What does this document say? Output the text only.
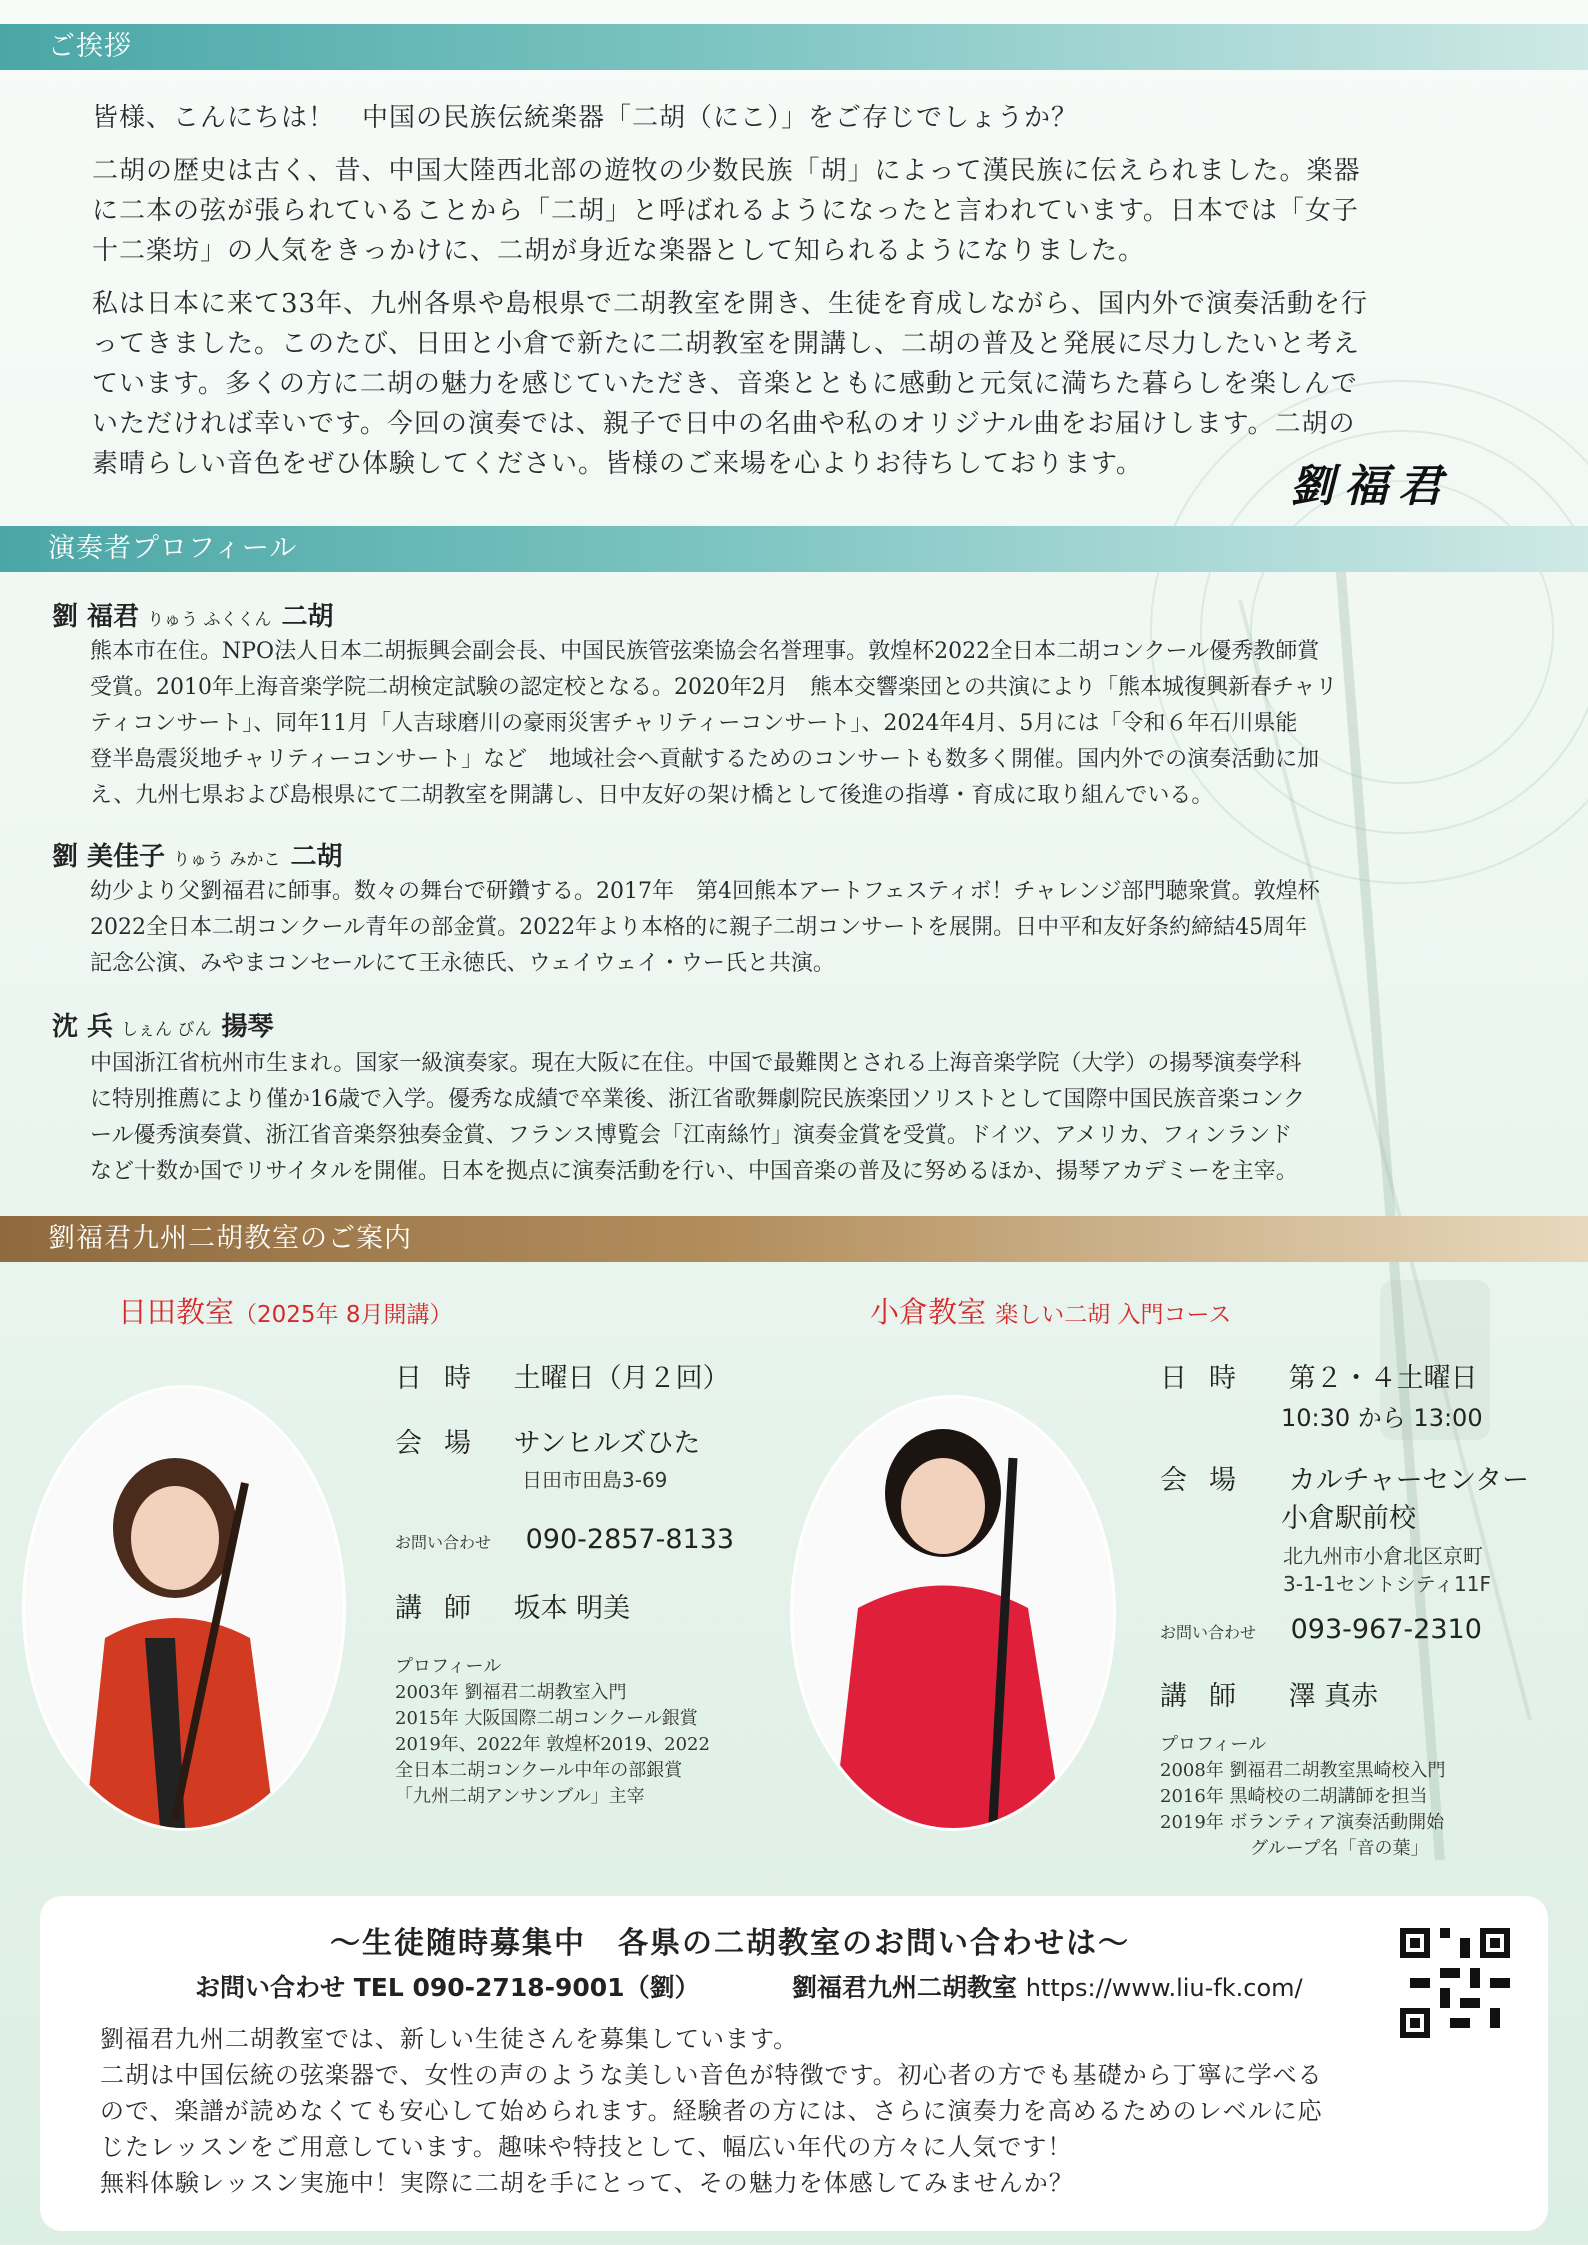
ご挨拶
皆様、こんにちは！　中国の民族伝統楽器「二胡（にこ）」をご存じでしょうか？
二胡の歴史は古く、昔、中国大陸西北部の遊牧の少数民族「胡」によって漢民族に伝えられました。楽器
に二本の弦が張られていることから「二胡」と呼ばれるようになったと言われています。日本では「女子
十二楽坊」の人気をきっかけに、二胡が身近な楽器として知られるようになりました。
私は日本に来て33年、九州各県や島根県で二胡教室を開き、生徒を育成しながら、国内外で演奏活動を行
ってきました。このたび、日田と小倉で新たに二胡教室を開講し、二胡の普及と発展に尽力したいと考え
ています。多くの方に二胡の魅力を感じていただき、音楽とともに感動と元気に満ちた暮らしを楽しんで
いただければ幸いです。今回の演奏では、親子で日中の名曲や私のオリジナル曲をお届けします。二胡の
素晴らしい音色をぜひ体験してください。皆様のご来場を心よりお待ちしております。	劉福君
演奏者プロフィール
劉 福君 りゅう ふくくん 二胡
熊本市在住。NPO法人日本二胡振興会副会長、中国民族管弦楽協会名誉理事。敦煌杯2022全日本二胡コンクール優秀教師賞
受賞。2010年上海音楽学院二胡検定試験の認定校となる。2020年2月　熊本交響楽団との共演により「熊本城復興新春チャリ
ティコンサート」、同年11月「人吉球磨川の豪雨災害チャリティーコンサート」、2024年4月、5月には「令和６年石川県能
登半島震災地チャリティーコンサート」など　地域社会へ貢献するためのコンサートも数多く開催。国内外での演奏活動に加
え、九州七県および島根県にて二胡教室を開講し、日中友好の架け橋として後進の指導・育成に取り組んでいる。
劉 美佳子 りゅう みかこ 二胡
幼少より父劉福君に師事。数々の舞台で研鑽する。2017年　第4回熊本アートフェスティボ！チャレンジ部門聴衆賞。敦煌杯
2022全日本二胡コンクール青年の部金賞。2022年より本格的に親子二胡コンサートを展開。日中平和友好条約締結45周年
記念公演、みやまコンセールにて王永徳氏、ウェイウェイ・ウー氏と共演。
沈 兵 しぇん びん 揚琴
中国浙江省杭州市生まれ。国家一級演奏家。現在大阪に在住。中国で最難関とされる上海音楽学院（大学）の揚琴演奏学科
に特別推薦により僅か16歳で入学。優秀な成績で卒業後、浙江省歌舞劇院民族楽団ソリストとして国際中国民族音楽コンク
ール優秀演奏賞、浙江省音楽祭独奏金賞、フランス博覧会「江南絲竹」演奏金賞を受賞。ドイツ、アメリカ、フィンランド
など十数か国でリサイタルを開催。日本を拠点に演奏活動を行い、中国音楽の普及に努めるほか、揚琴アカデミーを主宰。
劉福君九州二胡教室のご案内
日田教室（2025年 8月開講）
日時 土曜日（月２回）
会場 サンヒルズひた
日田市田島3-69
お問い合わせ 090-2857-8133
講師 坂本 明美
プロフィール
2003年 劉福君二胡教室入門
2015年 大阪国際二胡コンクール銀賞
2019年、2022年 敦煌杯2019、2022
全日本二胡コンクール中年の部銀賞
「九州二胡アンサンブル」主宰
小倉教室 楽しい二胡 入門コース
日時 第２・４土曜日
10:30 から 13:00
会場 カルチャーセンター
小倉駅前校
北九州市小倉北区京町
3-1-1セントシティ11F
お問い合わせ 093-967-2310
講師 澤 真赤
プロフィール
2008年 劉福君二胡教室黒崎校入門
2016年 黒崎校の二胡講師を担当
2019年 ボランティア演奏活動開始
グループ名「音の葉」
～生徒随時募集中　各県の二胡教室のお問い合わせは～
お問い合わせ TEL 090-2718-9001（劉）	劉福君九州二胡教室 https://www.liu-fk.com/
劉福君九州二胡教室では、新しい生徒さんを募集しています。
二胡は中国伝統の弦楽器で、女性の声のような美しい音色が特徴です。初心者の方でも基礎から丁寧に学べる
ので、楽譜が読めなくても安心して始められます。経験者の方には、さらに演奏力を高めるためのレベルに応
じたレッスンをご用意しています。趣味や特技として、幅広い年代の方々に人気です！
無料体験レッスン実施中！実際に二胡を手にとって、その魅力を体感してみませんか？
